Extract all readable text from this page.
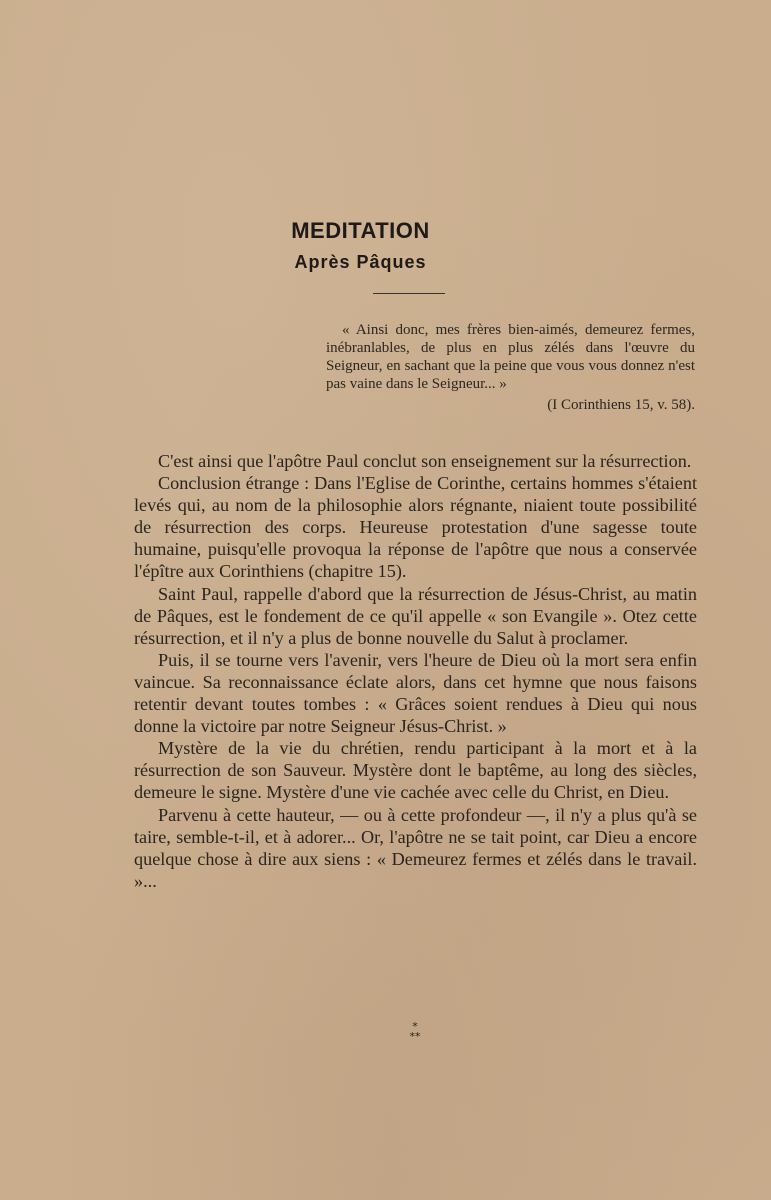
MEDITATION
Après Pâques
« Ainsi donc, mes frères bien-aimés, demeurez fermes, inébranlables, de plus en plus zélés dans l'œuvre du Seigneur, en sachant que la peine que vous vous donnez n'est pas vaine dans le Seigneur... »
(I Corinthiens 15, v. 58).

C'est ainsi que l'apôtre Paul conclut son enseignement sur la résurrection.

Conclusion étrange : Dans l'Eglise de Corinthe, certains hommes s'étaient levés qui, au nom de la philosophie alors régnante, niaient toute possibilité de résurrection des corps. Heureuse protestation d'une sagesse toute humaine, puisqu'elle provoqua la réponse de l'apôtre que nous a conservée l'épître aux Corinthiens (chapitre 15).

Saint Paul, rappelle d'abord que la résurrection de Jésus-Christ, au matin de Pâques, est le fondement de ce qu'il appelle « son Evangile ». Otez cette résurrection, et il n'y a plus de bonne nouvelle du Salut à proclamer.

Puis, il se tourne vers l'avenir, vers l'heure de Dieu où la mort sera enfin vaincue. Sa reconnaissance éclate alors, dans cet hymne que nous faisons retentir devant toutes tombes : « Grâces soient rendues à Dieu qui nous donne la victoire par notre Seigneur Jésus-Christ. »

Mystère de la vie du chrétien, rendu participant à la mort et à la résurrection de son Sauveur. Mystère dont le baptême, au long des siècles, demeure le signe. Mystère d'une vie cachée avec celle du Christ, en Dieu.

Parvenu à cette hauteur, — ou à cette profondeur —, il n'y a plus qu'à se taire, semble-t-il, et à adorer... Or, l'apôtre ne se tait point, car Dieu a encore quelque chose à dire aux siens : « Demeurez fermes et zélés dans le travail. »...

*
**
